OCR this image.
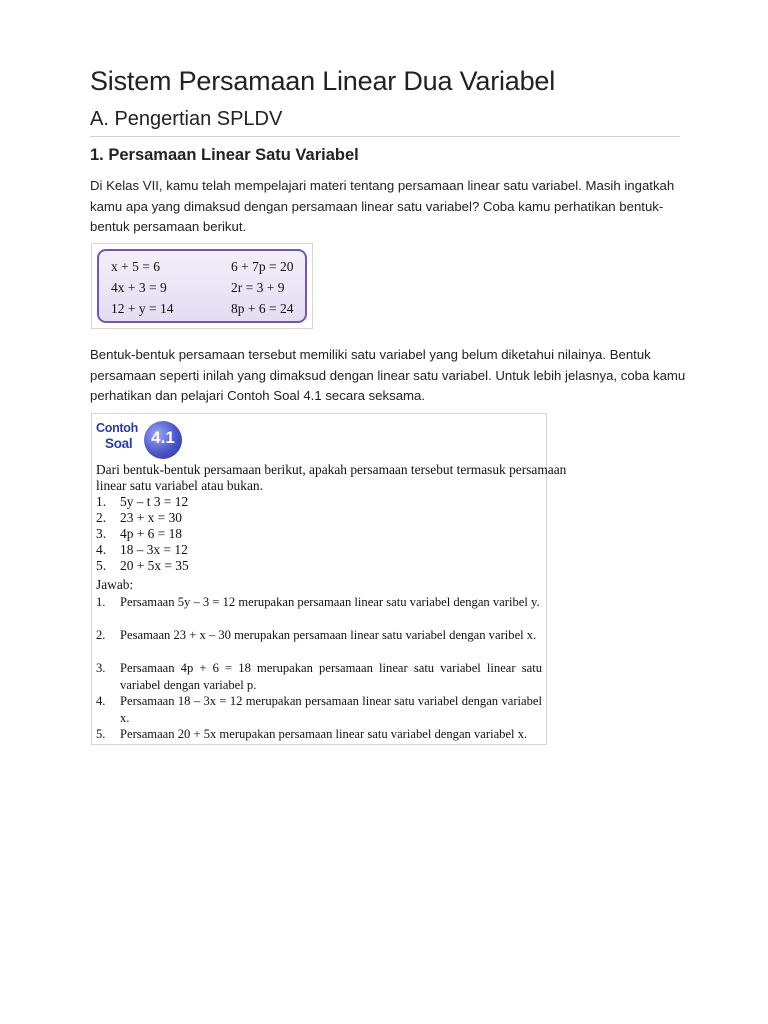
Sistem Persamaan Linear Dua Variabel
A. Pengertian SPLDV
1. Persamaan Linear Satu Variabel

Di Kelas VII, kamu telah mempelajari materi tentang persamaan linear satu variabel. Masih ingatkah kamu apa yang dimaksud dengan persamaan linear satu variabel? Coba kamu perhatikan bentuk-bentuk persamaan berikut.

x + 5 = 6
4x + 3 = 9
12 + y = 14
6 + 7p = 20
2r = 3 + 9
8p + 6 = 24

Bentuk-bentuk persamaan tersebut memiliki satu variabel yang belum diketahui nilainya. Bentuk persamaan seperti inilah yang dimaksud dengan linear satu variabel. Untuk lebih jelasnya, coba kamu perhatikan dan pelajari Contoh Soal 4.1 secara seksama.

Contoh
Soal	4.1
Dari bentuk-bentuk persamaan berikut, apakah persamaan tersebut termasuk persamaan
linear satu variabel atau bukan.
1. 5y – t 3 = 12
2. 23 + x = 30
3. 4p + 6 = 18
4. 18 – 3x = 12
5. 20 + 5x = 35
Jawab:
1. Persamaan 5y – 3 = 12 merupakan persamaan linear satu variabel dengan varibel y.
2. Pesamaan 23 + x – 30 merupakan persamaan linear satu variabel dengan varibel x.
3. Persamaan 4p + 6 = 18 merupakan persamaan linear satu variabel linear satu variabel dengan variabel p.
4. Persamaan 18 – 3x = 12 merupakan persamaan linear satu variabel dengan variabel x.
5. Persamaan 20 + 5x merupakan persamaan linear satu variabel dengan variabel x.
